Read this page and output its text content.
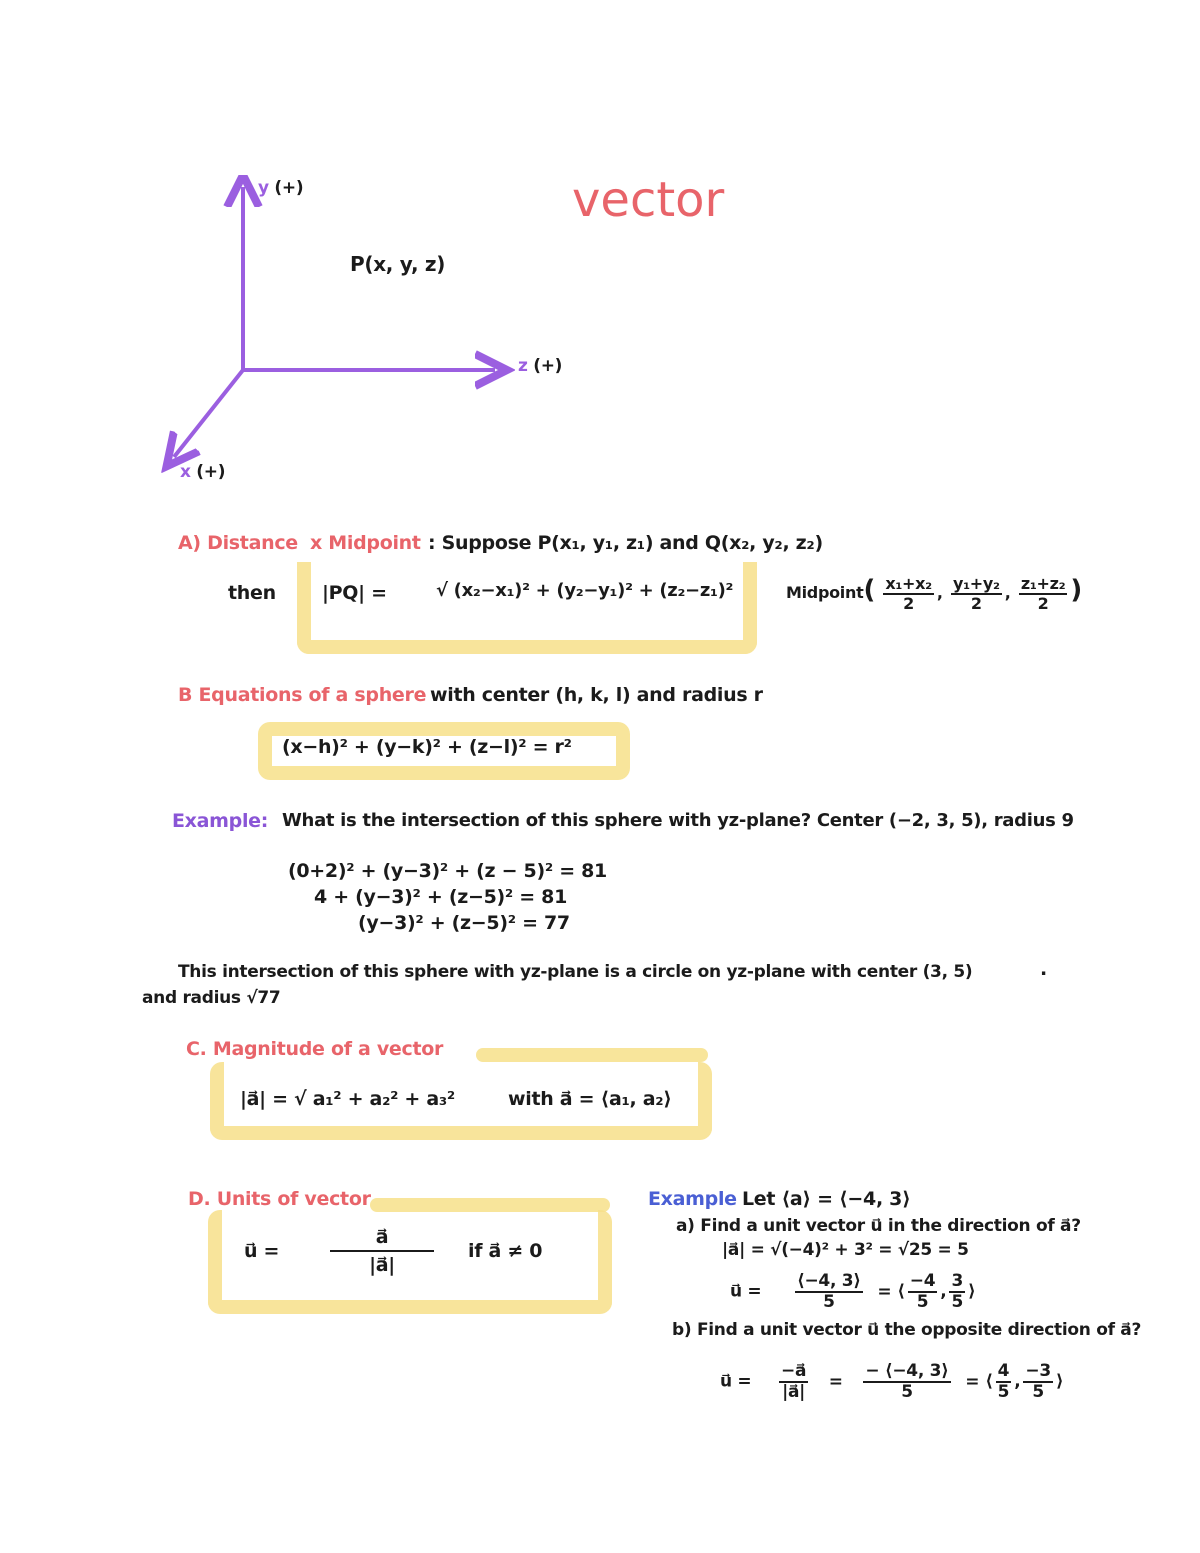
vector
y (+)
z (+)
x (+)
P(x, y, z)
A) Distance x Midpoint : Suppose P(x₁, y₁, z₁) and Q(x₂, y₂, z₂)
then |PQ| =	√ (x₂−x₁)² + (y₂−y₁)² + (z₂−z₁)²	Midpoint( $\frac{\text{x₁+x₂}}{2}$ , $\frac{\text{y₁+y₂}}{2}$ , $\frac{\text{z₁+z₂}}{2}$ )
B Equations of a sphere with center (h, k, l) and radius r
(x−h)² + (y−k)² + (z−l)² = r²
Example: What is the intersection of this sphere with yz-plane? Center (−2, 3, 5), radius 9
(0+2)² + (y−3)² + (z − 5)² = 81
4 + (y−3)² + (z−5)² = 81
(y−3)² + (z−5)² = 77
This intersection of this sphere with yz-plane is a circle on yz-plane with center (3, 5)	.
and radius √77
C. Magnitude of a vector
|a⃗| = √ a₁² + a₂² + a₃²	with a⃗ = ⟨a₁, a₂⟩
D. Units of vector
u⃗ =
a⃗
|a⃗|
if a⃗ ≠ 0
Example Let ⟨a⟩ = ⟨−4, 3⟩
a) Find a unit vector u⃗ in the direction of a⃗?
|a⃗| = √(−4)² + 3² = √25 = 5
u⃗ = $\frac{⟨-4, 3⟩}{5}$ = ⟨ $\frac{-4}{5}$ , $\frac{3}{5}$ ⟩
b) Find a unit vector u⃗ the opposite direction of a⃗?
u⃗ = $\frac{-a⃗}{|a⃗|} = \frac{- ⟨-4, 3⟩}{5}$ = ⟨ $\frac{4}{5}$ , $\frac{-3}{5}$ ⟩
